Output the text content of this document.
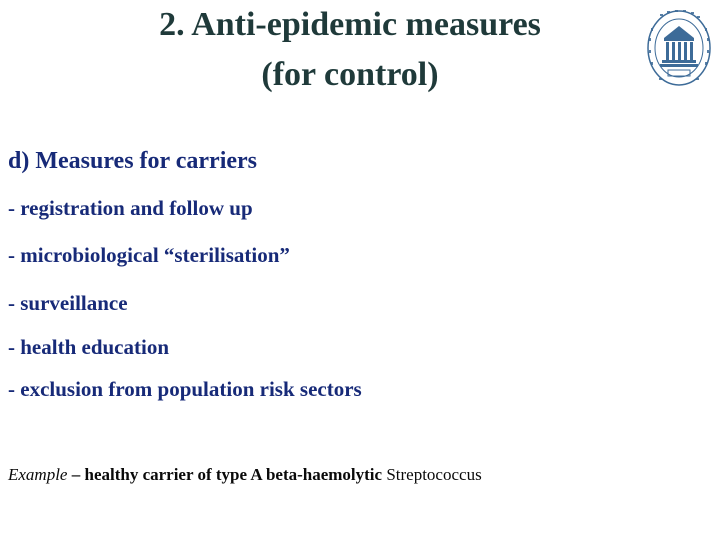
2. Anti-epidemic measures
(for control)
d) Measures for carriers
- registration and follow up
- microbiological “sterilisation”
- surveillance
- health education
- exclusion from population risk sectors
Example – healthy carrier of type A beta-haemolytic Streptococcus
